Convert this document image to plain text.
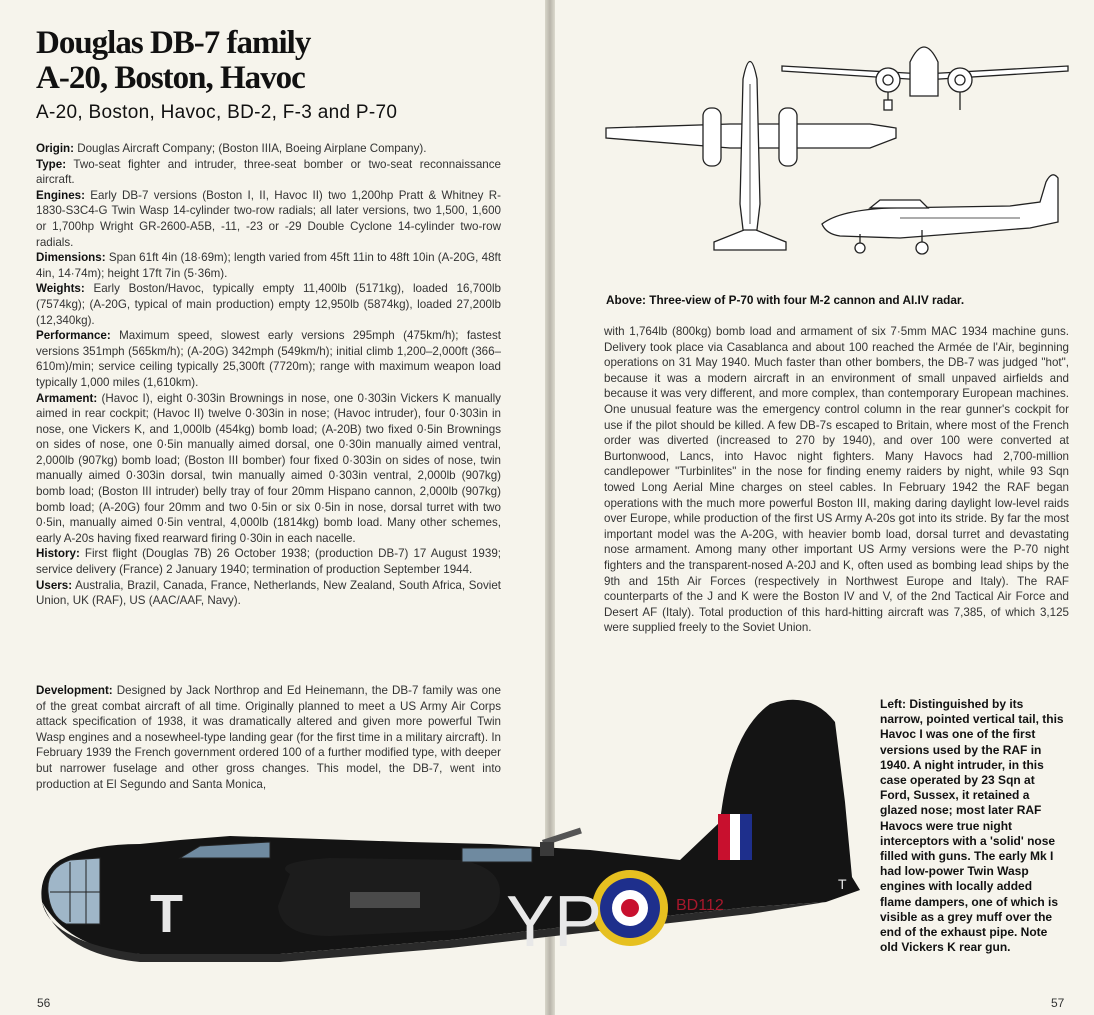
Douglas DB-7 family
A-20, Boston, Havoc
A-20, Boston, Havoc, BD-2, F-3 and P-70

Origin: Douglas Aircraft Company; (Boston IIIA, Boeing Airplane Company).

Type: Two-seat fighter and intruder, three-seat bomber or two-seat reconnaissance aircraft.

Engines: Early DB-7 versions (Boston I, II, Havoc II) two 1,200hp Pratt & Whitney R-1830-S3C4-G Twin Wasp 14-cylinder two-row radials; all later versions, two 1,500, 1,600 or 1,700hp Wright GR-2600-A5B, -11, -23 or -29 Double Cyclone 14-cylinder two-row radials.

Dimensions: Span 61ft 4in (18·69m); length varied from 45ft 11in to 48ft 10in (A-20G, 48ft 4in, 14·74m); height 17ft 7in (5·36m).

Weights: Early Boston/Havoc, typically empty 11,400lb (5171kg), loaded 16,700lb (7574kg); (A-20G, typical of main production) empty 12,950lb (5874kg), loaded 27,200lb (12,340kg).

Performance: Maximum speed, slowest early versions 295mph (475km/h); fastest versions 351mph (565km/h); (A-20G) 342mph (549km/h); initial climb 1,200–2,000ft (366–610m)/min; service ceiling typically 25,300ft (7720m); range with maximum weapon load typically 1,000 miles (1,610km).

Armament: (Havoc I), eight 0·303in Brownings in nose, one 0·303in Vickers K manually aimed in rear cockpit; (Havoc II) twelve 0·303in in nose; (Havoc intruder), four 0·303in in nose, one Vickers K, and 1,000lb (454kg) bomb load; (A-20B) two fixed 0·5in Brownings on sides of nose, one 0·5in manually aimed dorsal, one 0·30in manually aimed ventral, 2,000lb (907kg) bomb load; (Boston III bomber) four fixed 0·303in on sides of nose, twin manually aimed 0·303in dorsal, twin manually aimed 0·303in ventral, 2,000lb (907kg) bomb load; (Boston III intruder) belly tray of four 20mm Hispano cannon, 2,000lb (907kg) bomb load; (A-20G) four 20mm and two 0·5in or six 0·5in in nose, dorsal turret with two 0·5in, manually aimed 0·5in ventral, 4,000lb (1814kg) bomb load. Many other schemes, early A-20s having fixed rearward firing 0·30in in each nacelle.

History: First flight (Douglas 7B) 26 October 1938; (production DB-7) 17 August 1939; service delivery (France) 2 January 1940; termination of production September 1944.

Users: Australia, Brazil, Canada, France, Netherlands, New Zealand, South Africa, Soviet Union, UK (RAF), US (AAC/AAF, Navy).

Development: Designed by Jack Northrop and Ed Heinemann, the DB-7 family was one of the great combat aircraft of all time. Originally planned to meet a US Army Air Corps attack specification of 1938, it was dramatically altered and given more powerful Twin Wasp engines and a nosewheel-type landing gear (for the first time in a military aircraft). In February 1939 the French government ordered 100 of a further modified type, with deeper but narrower fuselage and other gross changes. This model, the DB-7, went into production at El Segundo and Santa Monica,

56

Above: Three-view of P-70 with four M-2 cannon and AI.IV radar.

with 1,764lb (800kg) bomb load and armament of six 7·5mm MAC 1934 machine guns. Delivery took place via Casablanca and about 100 reached the Armée de l'Air, beginning operations on 31 May 1940. Much faster than other bombers, the DB-7 was judged "hot", because it was a modern aircraft in an environment of small unpaved airfields and because it was very different, and more complex, than contemporary European machines. One unusual feature was the emergency control column in the rear gunner's cockpit for use if the pilot should be killed. A few DB-7s escaped to Britain, where most of the French order was diverted (increased to 270 by 1940), and over 100 were converted at Burtonwood, Lancs, into Havoc night fighters. Many Havocs had 2,700-million candlepower "Turbinlites" in the nose for finding enemy raiders by night, while 93 Sqn towed Long Aerial Mine charges on steel cables. In February 1942 the RAF began operations with the much more powerful Boston III, making daring daylight low-level raids over Europe, while production of the first US Army A-20s got into its stride. By far the most important model was the A-20G, with heavier bomb load, dorsal turret and devastating nose armament. Among many other important US Army versions were the P-70 night fighters and the transparent-nosed A-20J and K, often used as bombing lead ships by the 9th and 15th Air Forces (respectively in Northwest Europe and Italy). The RAF counterparts of the J and K were the Boston IV and V, of the 2nd Tactical Air Force and Desert AF (Italy). Total production of this hard-hitting aircraft was 7,385, of which 3,125 were supplied freely to the Soviet Union.

Left: Distinguished by its narrow, pointed vertical tail, this Havoc I was one of the first versions used by the RAF in 1940. A night intruder, in this case operated by 23 Sqn at Ford, Sussex, it retained a glazed nose; most later RAF Havocs were true night interceptors with a 'solid' nose filled with guns. The early Mk I had low-power Twin Wasp engines with locally added flame dampers, one of which is visible as a grey muff over the end of the exhaust pipe. Note old Vickers K rear gun.

T	YP	BD112
T
57
